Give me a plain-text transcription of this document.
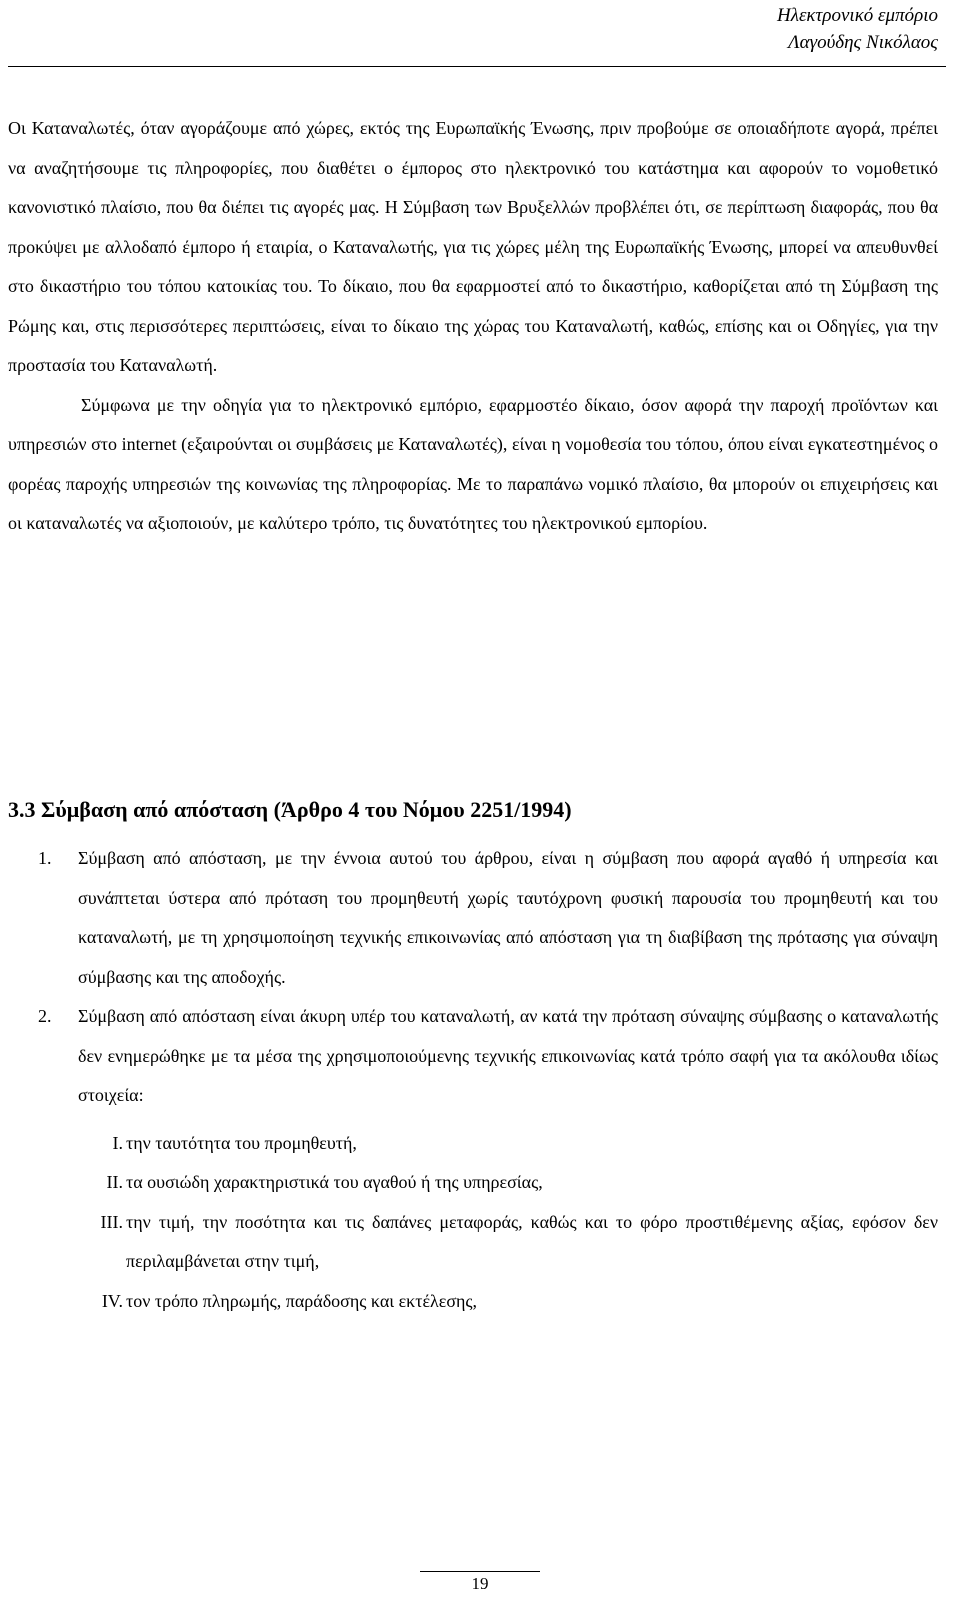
Ηλεκτρονικό εμπόριο
Λαγούδης Νικόλαος

Οι Καταναλωτές, όταν αγοράζουμε από χώρες, εκτός της Ευρωπαϊκής Ένωσης, πριν προβούμε σε οποιαδήποτε αγορά, πρέπει να αναζητήσουμε τις πληροφορίες, που διαθέτει ο έμπορος στο ηλεκτρονικό του κατάστημα και αφορούν το νομοθετικό κανονιστικό πλαίσιο, που θα διέπει τις αγορές μας. Η Σύμβαση των Βρυξελλών προβλέπει ότι, σε περίπτωση διαφοράς, που θα προκύψει με αλλοδαπό έμπορο ή εταιρία, ο Καταναλωτής, για τις χώρες μέλη της Ευρωπαϊκής Ένωσης, μπορεί να απευθυνθεί στο δικαστήριο του τόπου κατοικίας του. Το δίκαιο, που θα εφαρμοστεί από το δικαστήριο, καθορίζεται από τη Σύμβαση της Ρώμης και, στις περισσότερες περιπτώσεις, είναι το δίκαιο της χώρας του Καταναλωτή, καθώς, επίσης και οι Οδηγίες, για την προστασία του Καταναλωτή.

Σύμφωνα με την οδηγία για το ηλεκτρονικό εμπόριο, εφαρμοστέο δίκαιο, όσον αφορά την παροχή προϊόντων και υπηρεσιών στο internet (εξαιρούνται οι συμβάσεις με Καταναλωτές), είναι η νομοθεσία του τόπου, όπου είναι εγκατεστημένος ο φορέας παροχής υπηρεσιών της κοινωνίας της πληροφορίας. Με το παραπάνω νομικό πλαίσιο, θα μπορούν οι επιχειρήσεις και οι καταναλωτές να αξιοποιούν, με καλύτερο τρόπο, τις δυνατότητες του ηλεκτρονικού εμπορίου.

3.3 Σύμβαση από απόσταση (Άρθρο 4 του Νόμου 2251/1994)
1. Σύμβαση από απόσταση, με την έννοια αυτού του άρθρου, είναι η σύμβαση που αφορά αγαθό ή υπηρεσία και συνάπτεται ύστερα από πρόταση του προμηθευτή χωρίς ταυτόχρονη φυσική παρουσία του προμηθευτή και του καταναλωτή, με τη χρησιμοποίηση τεχνικής επικοινωνίας από απόσταση για τη διαβίβαση της πρότασης για σύναψη σύμβασης και της αποδοχής.
2. Σύμβαση από απόσταση είναι άκυρη υπέρ του καταναλωτή, αν κατά την πρόταση σύναψης σύμβασης ο καταναλωτής δεν ενημερώθηκε με τα μέσα της χρησιμοποιούμενης τεχνικής επικοινωνίας κατά τρόπο σαφή για τα ακόλουθα ιδίως στοιχεία:
I. την ταυτότητα του προμηθευτή,
II. τα ουσιώδη χαρακτηριστικά του αγαθού ή της υπηρεσίας,
III. την τιμή, την ποσότητα και τις δαπάνες μεταφοράς, καθώς και το φόρο προστιθέμενης αξίας, εφόσον δεν περιλαμβάνεται στην τιμή,
IV. τον τρόπο πληρωμής, παράδοσης και εκτέλεσης,
19
